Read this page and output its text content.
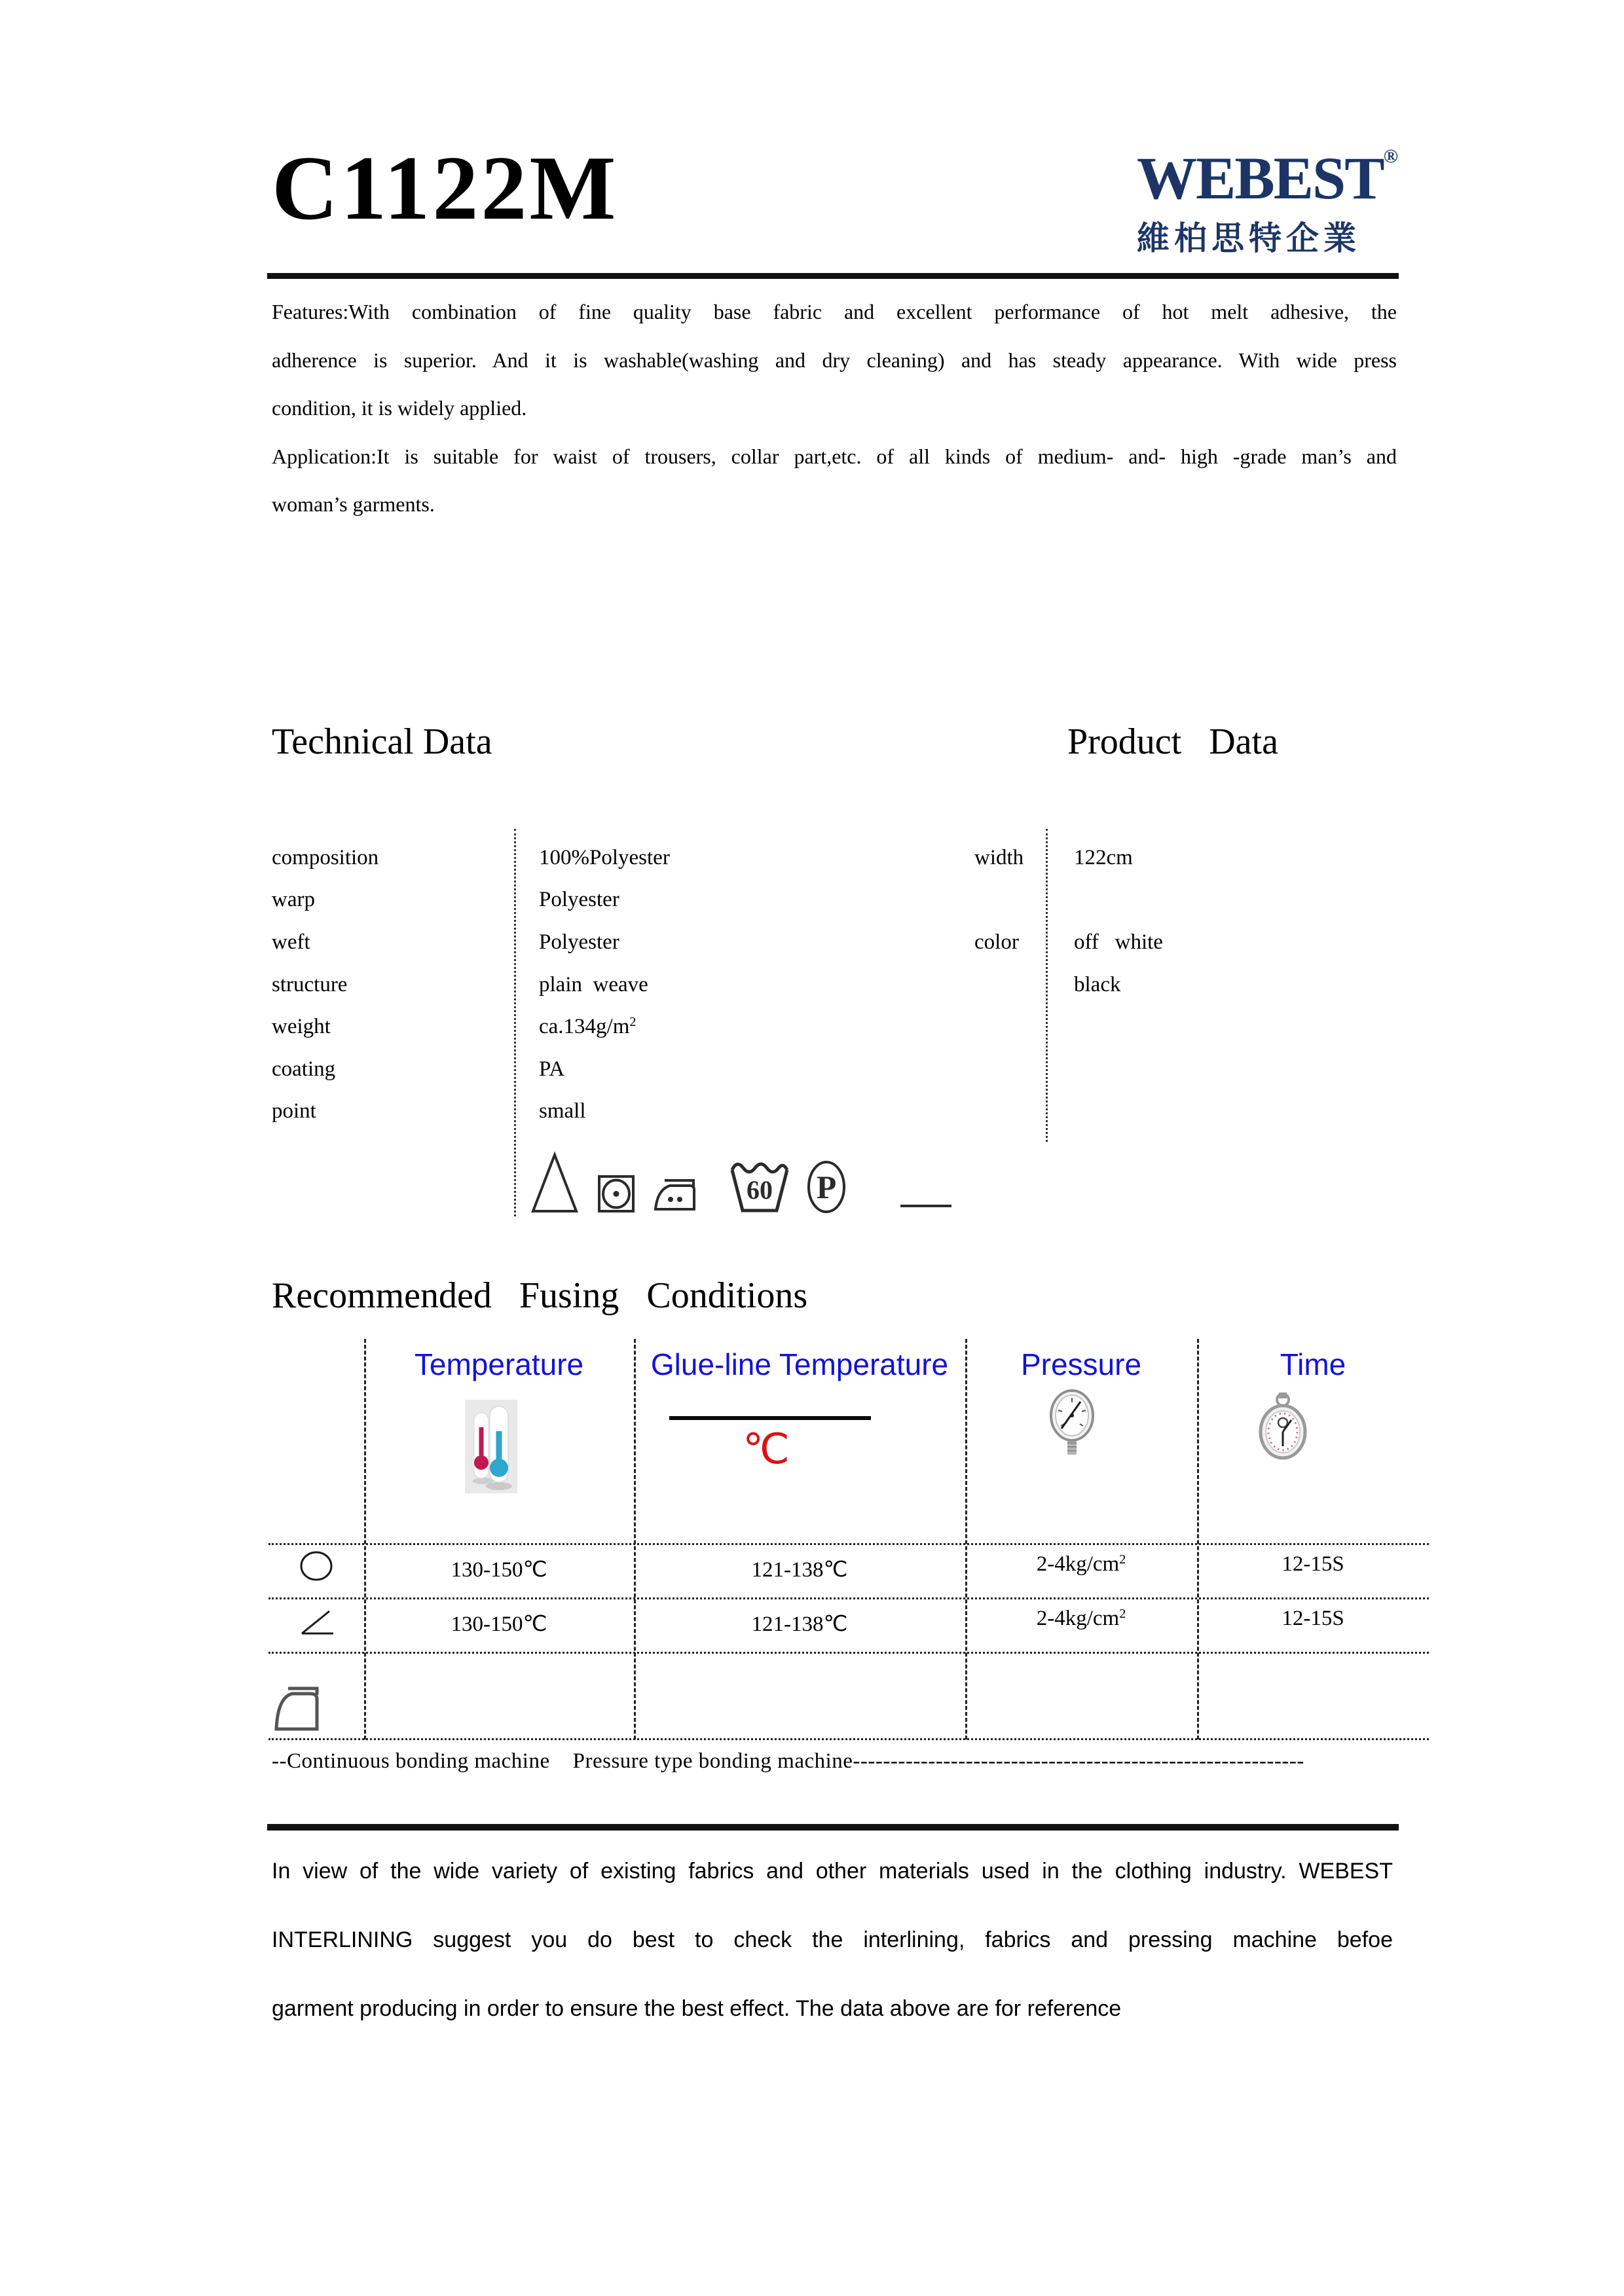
C1122M	WEBEST®
維柏思特企業
Features:With combination of fine quality base fabric and excellent performance of hot melt adhesive, the
adherence is superior. And it is washable(washing and dry cleaning) and has steady appearance. With wide press
condition, it is widely applied.
Application:It is suitable for waist of trousers, collar part,etc. of all kinds of medium- and- high -grade man’s and
woman’s garments.
Technical Data	Product   Data
composition	100%Polyester
warp	Polyester
weft	Polyester
structure	plain  weave
weight	$ca.134g/m^2$
coating	PA
point	small
60 P
width 122cm
color	off   white
black
Recommended   Fusing   Conditions
Temperature	Glue-line Temperature	Pressure	Time
℃
130-150℃	121-138℃	$2-4kg/cm^2$	12-15S
130-150℃	121-138℃	$2-4kg/cm^2$	12-15S
--Continuous bonding machine    Pressure type bonding machine------------------------------------------------------------
In view of the wide variety of existing fabrics and other materials used in the clothing industry. WEBEST
INTERLINING suggest you do best to check the interlining, fabrics and pressing machine befoe
garment producing in order to ensure the best effect. The data above are for reference
